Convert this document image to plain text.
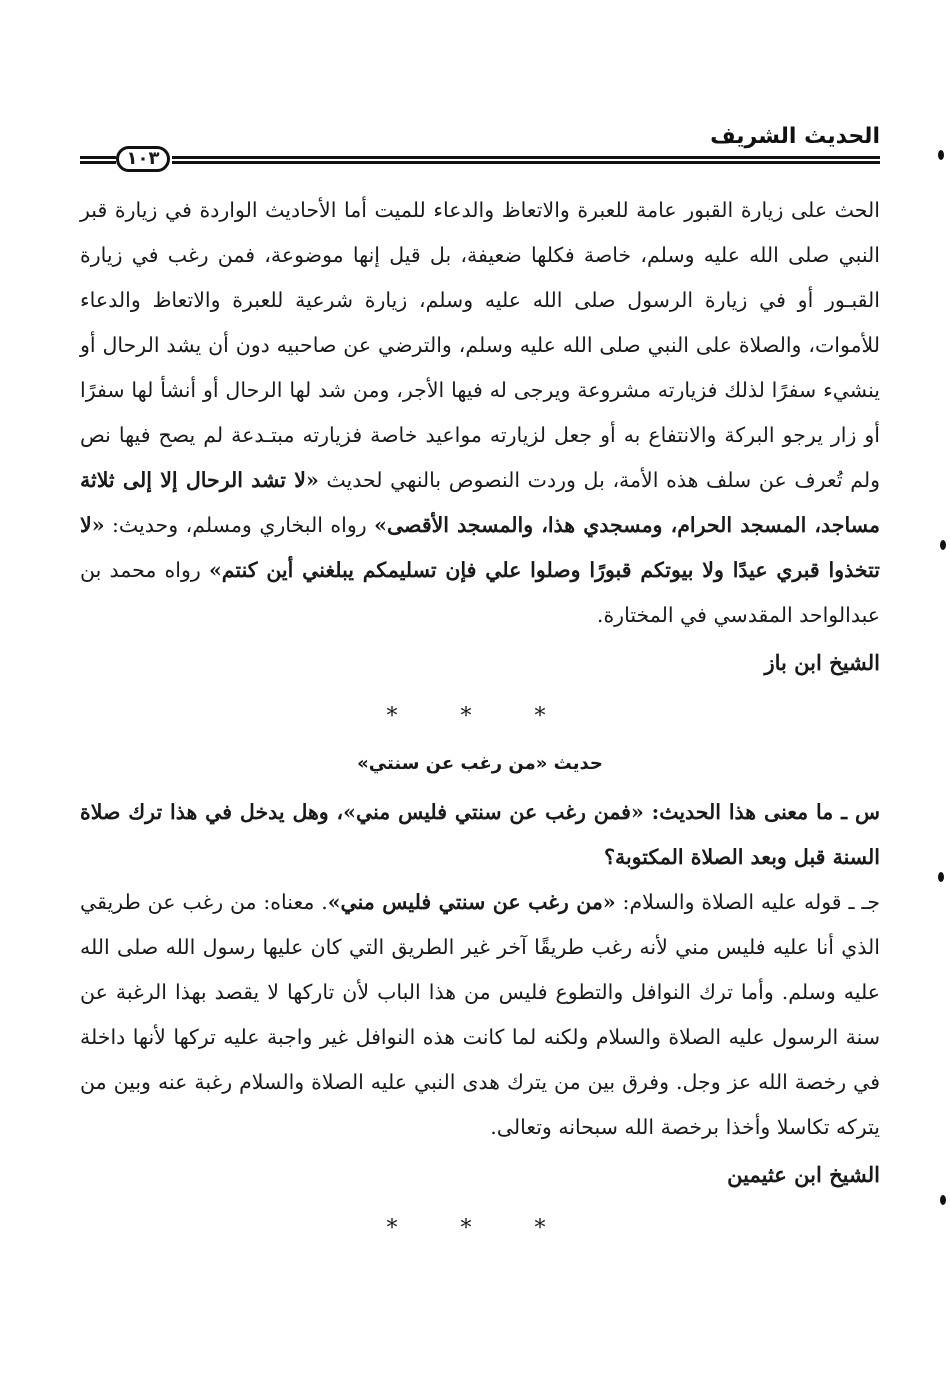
الحديث الشريف
١٠٣

الحث على زيارة القبور عامة للعبرة والاتعاظ والدعاء للميت أما الأحاديث الواردة في زيارة قبر النبي صلى الله عليه وسلم، خاصة فكلها ضعيفة، بل قيل إنها موضوعة، فمن رغب في زيارة القبـور أو في زيارة الرسول صلى الله عليه وسلم، زيارة شرعية للعبرة والاتعاظ والدعاء للأموات، والصلاة على النبي صلى الله عليه وسلم، والترضي عن صاحبيه دون أن يشد الرحال أو ينشيء سفرًا لذلك فزيارته مشروعة ويرجى له فيها الأجر، ومن شد لها الرحال أو أنشأ لها سفرًا أو زار يرجو البركة والانتفاع به أو جعل لزيارته مواعيد خاصة فزيارته مبتـدعة لم يصح فيها نص ولم تُعرف عن سلف هذه الأمة، بل وردت النصوص بالنهي لحديث «لا تشد الرحال إلا إلى ثلاثة مساجد، المسجد الحرام، ومسجدي هذا، والمسجد الأقصى» رواه البخاري ومسلم، وحديث: «لا تتخذوا قبري عيدًا ولا بيوتكم قبورًا وصلوا علي فإن تسليمكم يبلغني أين كنتم» رواه محمد بن عبدالواحد المقدسي في المختارة.

الشيخ ابن باز
* * *
حديث «من رغب عن سنتي»

س ـ ما معنى هذا الحديث: «فمن رغب عن سنتي فليس مني»، وهل يدخل في هذا ترك صلاة السنة قبل وبعد الصلاة المكتوبة؟

جـ ـ قوله عليه الصلاة والسلام: «من رغب عن سنتي فليس مني». معناه: من رغب عن طريقي الذي أنا عليه فليس مني لأنه رغب طريقًا آخر غير الطريق التي كان عليها رسول الله صلى الله عليه وسلم. وأما ترك النوافل والتطوع فليس من هذا الباب لأن تاركها لا يقصد بهذا الرغبة عن سنة الرسول عليه الصلاة والسلام ولكنه لما كانت هذه النوافل غير واجبة عليه تركها لأنها داخلة في رخصة الله عز وجل. وفرق بين من يترك هدى النبي عليه الصلاة والسلام رغبة عنه وبين من يتركه تكاسلا وأخذا برخصة الله سبحانه وتعالى.

الشيخ ابن عثيمين
* * *
